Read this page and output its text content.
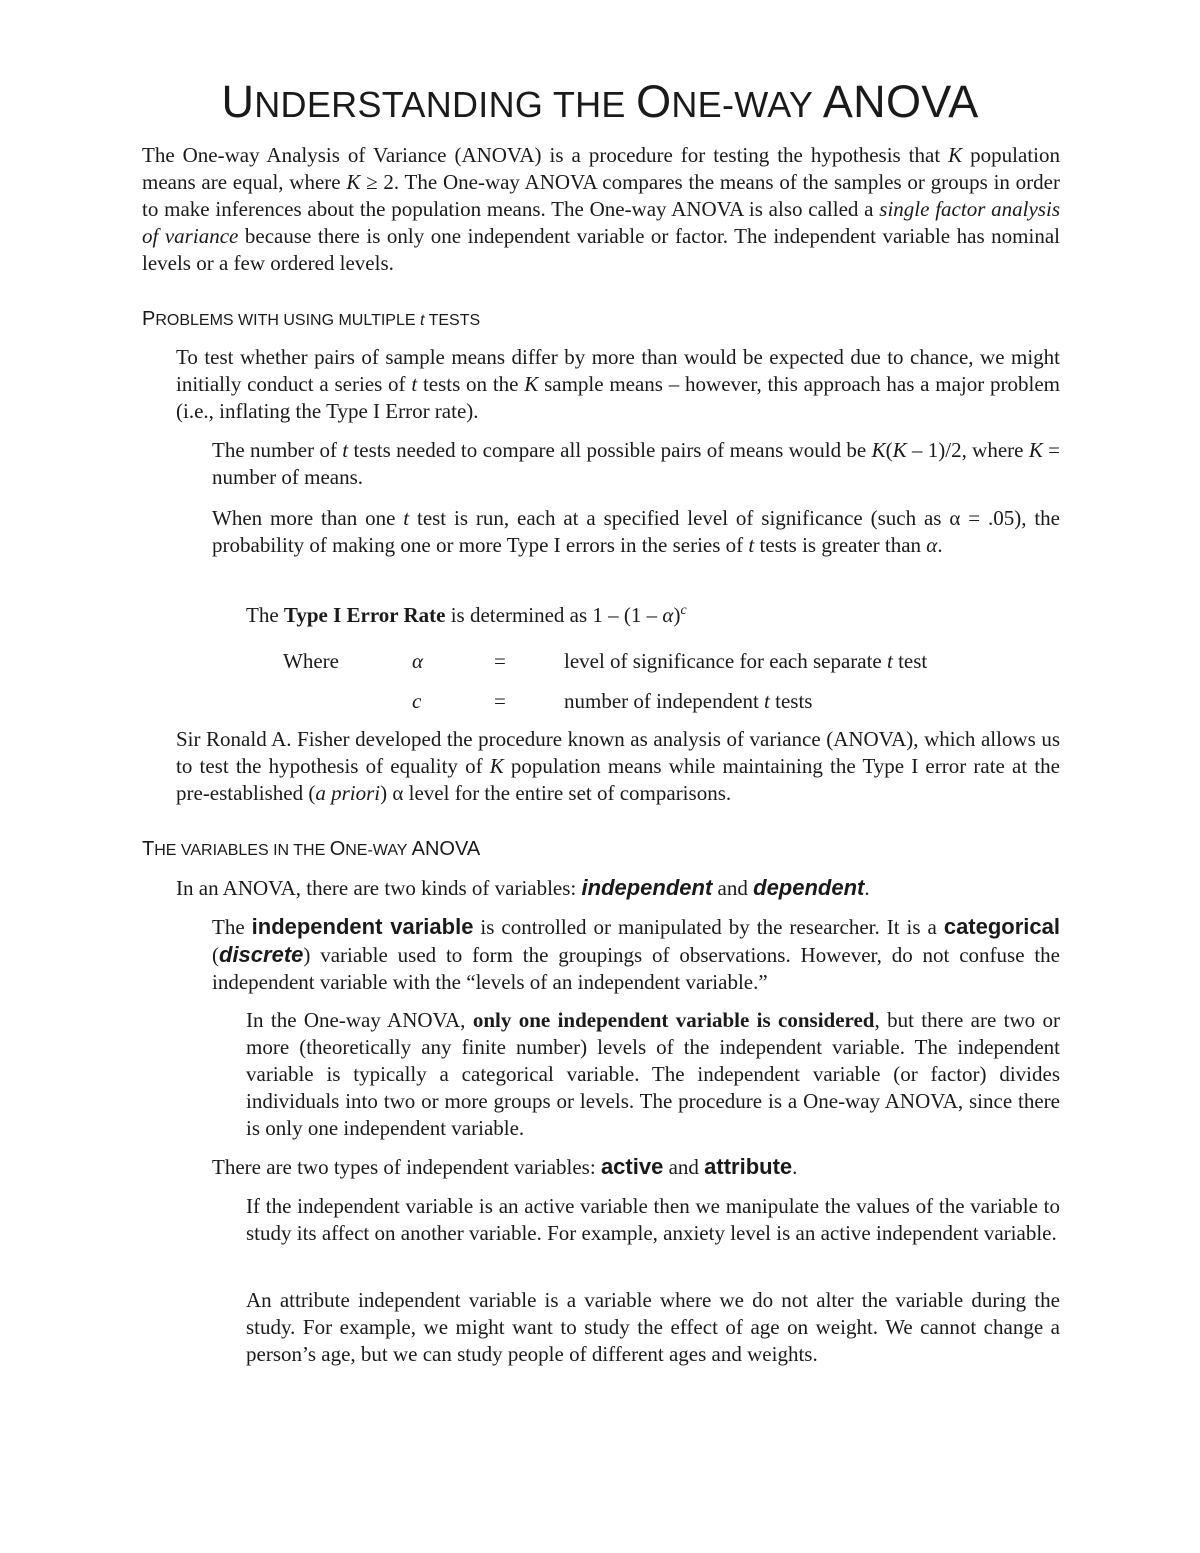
UNDERSTANDING THE ONE-WAY ANOVA
The One-way Analysis of Variance (ANOVA) is a procedure for testing the hypothesis that K population means are equal, where K ≥ 2. The One-way ANOVA compares the means of the samples or groups in order to make inferences about the population means. The One-way ANOVA is also called a single factor analysis of variance because there is only one independent variable or factor. The independent variable has nominal levels or a few ordered levels.
PROBLEMS WITH USING MULTIPLE t TESTS
To test whether pairs of sample means differ by more than would be expected due to chance, we might initially conduct a series of t tests on the K sample means – however, this approach has a major problem (i.e., inflating the Type I Error rate).
The number of t tests needed to compare all possible pairs of means would be K(K – 1)/2, where K = number of means.
When more than one t test is run, each at a specified level of significance (such as α = .05), the probability of making one or more Type I errors in the series of t tests is greater than α.
The Type I Error Rate is determined as 1 – (1 – α)$^c$
Where	α	=	level of significance for each separate t test
c	=	number of independent t tests
Sir Ronald A. Fisher developed the procedure known as analysis of variance (ANOVA), which allows us to test the hypothesis of equality of K population means while maintaining the Type I error rate at the pre-established (a priori) α level for the entire set of comparisons.
THE VARIABLES IN THE ONE-WAY ANOVA
In an ANOVA, there are two kinds of variables: independent and dependent.
The independent variable is controlled or manipulated by the researcher. It is a categorical (discrete) variable used to form the groupings of observations. However, do not confuse the independent variable with the “levels of an independent variable.”
In the One-way ANOVA, only one independent variable is considered, but there are two or more (theoretically any finite number) levels of the independent variable. The independent variable is typically a categorical variable. The independent variable (or factor) divides individuals into two or more groups or levels. The procedure is a One-way ANOVA, since there is only one independent variable.
There are two types of independent variables: active and attribute.
If the independent variable is an active variable then we manipulate the values of the variable to study its affect on another variable. For example, anxiety level is an active independent variable.
An attribute independent variable is a variable where we do not alter the variable during the study. For example, we might want to study the effect of age on weight. We cannot change a person’s age, but we can study people of different ages and weights.
